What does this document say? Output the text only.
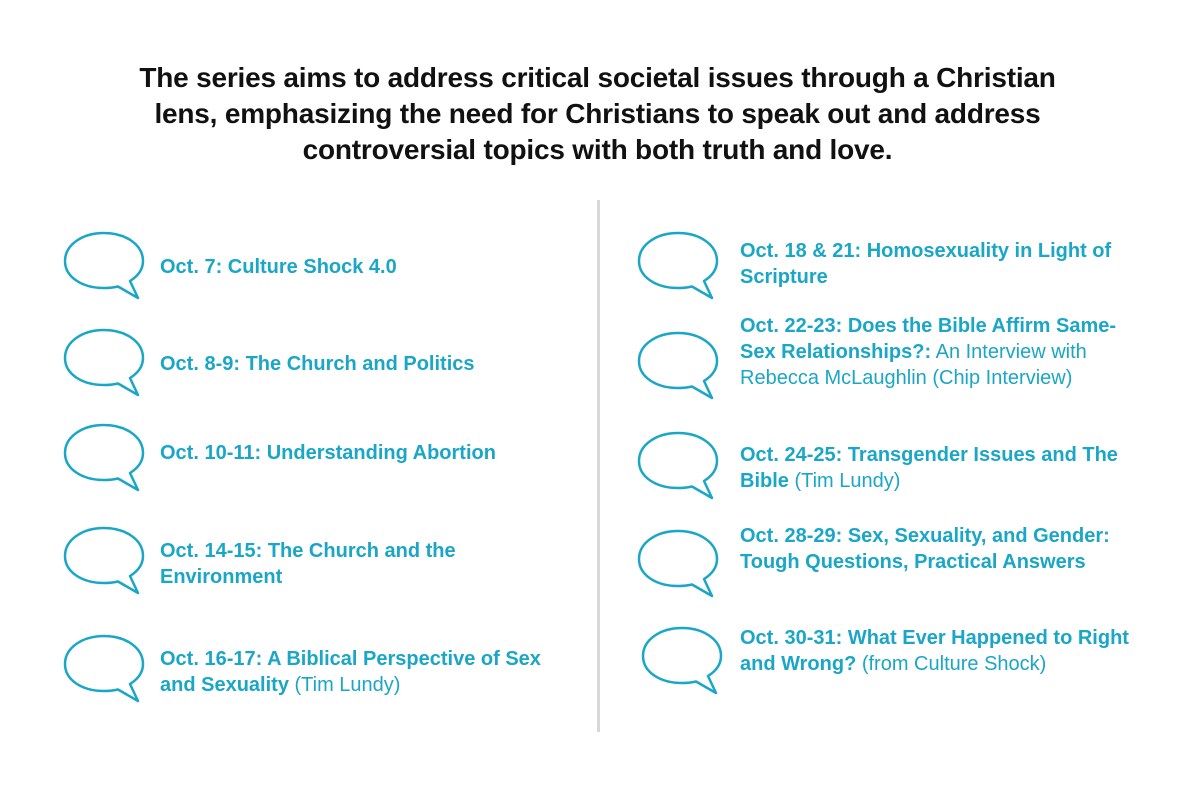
The series aims to address critical societal issues through a Christian
lens, emphasizing the need for Christians to speak out and address
controversial topics with both truth and love.
Oct. 7: Culture Shock 4.0
Oct. 8-9: The Church and Politics
Oct. 10-11: Understanding Abortion
Oct. 14-15: The Church and the Environment
Oct. 16-17: A Biblical Perspective of Sex and Sexuality (Tim Lundy)
Oct. 18 & 21: Homosexuality in Light of Scripture
Oct. 22-23: Does the Bible Affirm Same-Sex Relationships?: An Interview with Rebecca McLaughlin (Chip Interview)
Oct. 24-25: Transgender Issues and The Bible (Tim Lundy)
Oct. 28-29: Sex, Sexuality, and Gender: Tough Questions, Practical Answers
Oct. 30-31: What Ever Happened to Right and Wrong? (from Culture Shock)
